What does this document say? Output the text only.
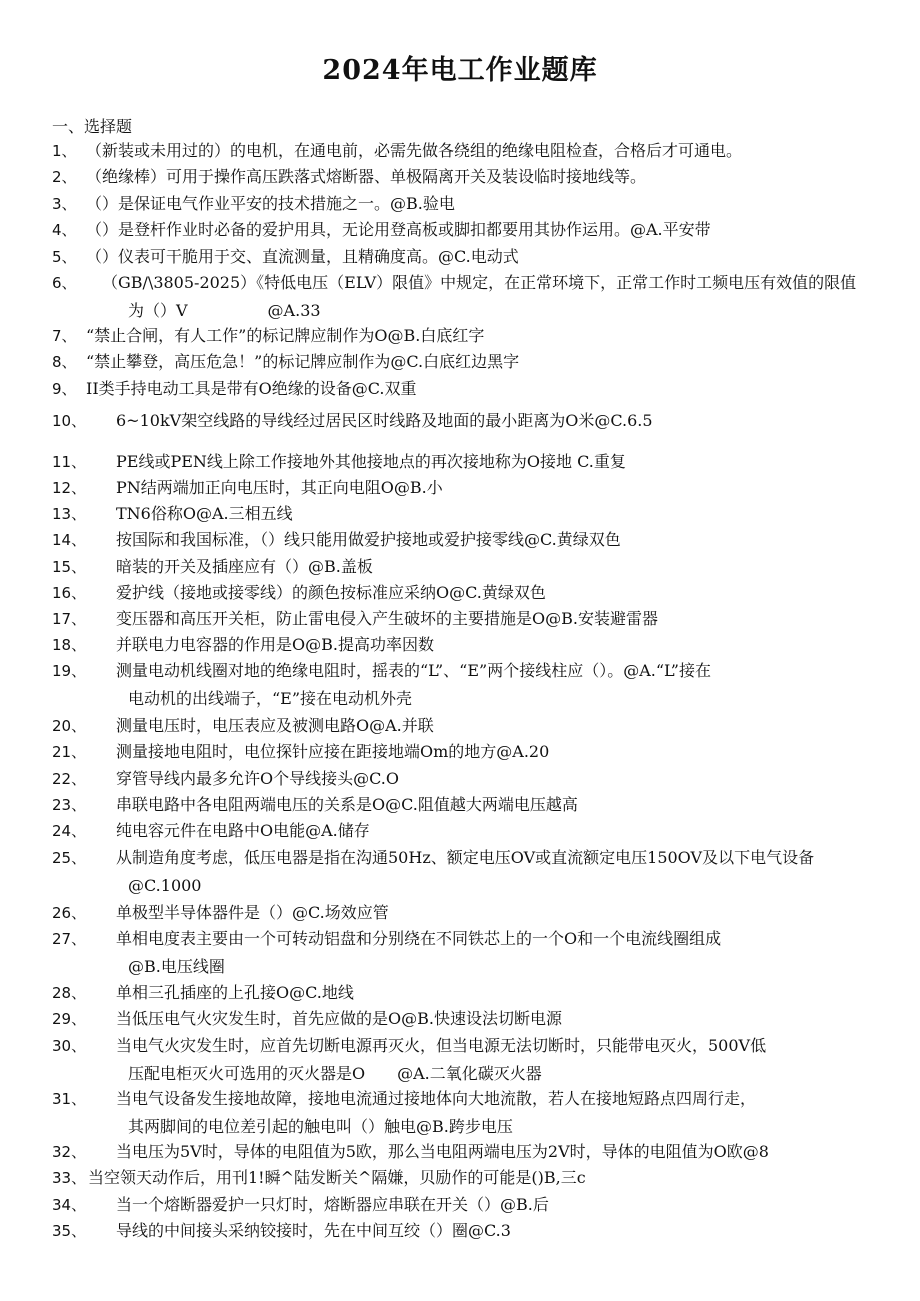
2024年电工作业题库
一、选择题
1、 （新装或未用过的）的电机，在通电前，必需先做各绕组的绝缘电阻检查，合格后才可通电。
2、 （绝缘棒）可用于操作高压跌落式熔断器、单极隔离开关及装设临时接地线等。
3、 （）是保证电气作业平安的技术措施之一。@B.验电
4、 （）是登杆作业时必备的爱护用具，无论用登高板或脚扣都要用其协作运用。@A.平安带
5、 （）仪表可干脆用于交、直流测量，且精确度高。@C.电动式
6、 （GB/\3805-2025）《特低电压（ELV）限值》中规定，在正常环境下，正常工作时工频电压有效值的限值
为（）V　　　　　@A.33
7、 “禁止合闸，有人工作”的标记牌应制作为O@B.白底红字
8、 “禁止攀登，高压危急！”的标记牌应制作为@C.白底红边黑字
9、 II类手持电动工具是带有O绝缘的设备@C.双重
10、 6~10kV架空线路的导线经过居民区时线路及地面的最小距离为O米@C.6.5
11、 PE线或PEN线上除工作接地外其他接地点的再次接地称为O接地 C.重复
12、 PN结两端加正向电压时，其正向电阻O@B.小
13、 TN6俗称O@A.三相五线
14、 按国际和我国标准，（）线只能用做爱护接地或爱护接零线@C.黄绿双色
15、 暗装的开关及插座应有（）@B.盖板
16、 爱护线（接地或接零线）的颜色按标准应采纳O@C.黄绿双色
17、 变压器和高压开关柜，防止雷电侵入产生破坏的主要措施是O@B.安装避雷器
18、 并联电力电容器的作用是O@B.提高功率因数
19、 测量电动机线圈对地的绝缘电阻时，摇表的“L”、“E”两个接线柱应（）。@A.“L”接在
电动机的出线端子，“E”接在电动机外壳
20、 测量电压时，电压表应及被测电路O@A.并联
21、 测量接地电阻时，电位探针应接在距接地端Om的地方@A.20
22、 穿管导线内最多允许O个导线接头@C.O
23、 串联电路中各电阻两端电压的关系是O@C.阻值越大两端电压越高
24、 纯电容元件在电路中O电能@A.储存
25、 从制造角度考虑，低压电器是指在沟通50Hz、额定电压OV或直流额定电压150OV及以下电气设备
@C.1000
26、 单极型半导体器件是（）@C.场效应管
27、 单相电度表主要由一个可转动铝盘和分别绕在不同铁芯上的一个O和一个电流线圈组成
@B.电压线圈
28、 单相三孔插座的上孔接O@C.地线
29、 当低压电气火灾发生时，首先应做的是O@B.快速设法切断电源
30、 当电气火灾发生时，应首先切断电源再灭火，但当电源无法切断时，只能带电灭火，500V低
压配电柜灭火可选用的灭火器是O　　@A.二氧化碳灭火器
31、 当电气设备发生接地故障，接地电流通过接地体向大地流散，若人在接地短路点四周行走，
其两脚间的电位差引起的触电叫（）触电@B.跨步电压
32、 当电压为5V时，导体的电阻值为5欧，那么当电阻两端电压为2V时，导体的电阻值为O欧@8
33、 当空领天动作后，用刊1!瞬^陆发断关^隔嫌，贝励作的可能是()B,三c
34、 当一个熔断器爱护一只灯时，熔断器应串联在开关（）@B.后
35、 导线的中间接头采纳铰接时，先在中间互绞（）圈@C.3
